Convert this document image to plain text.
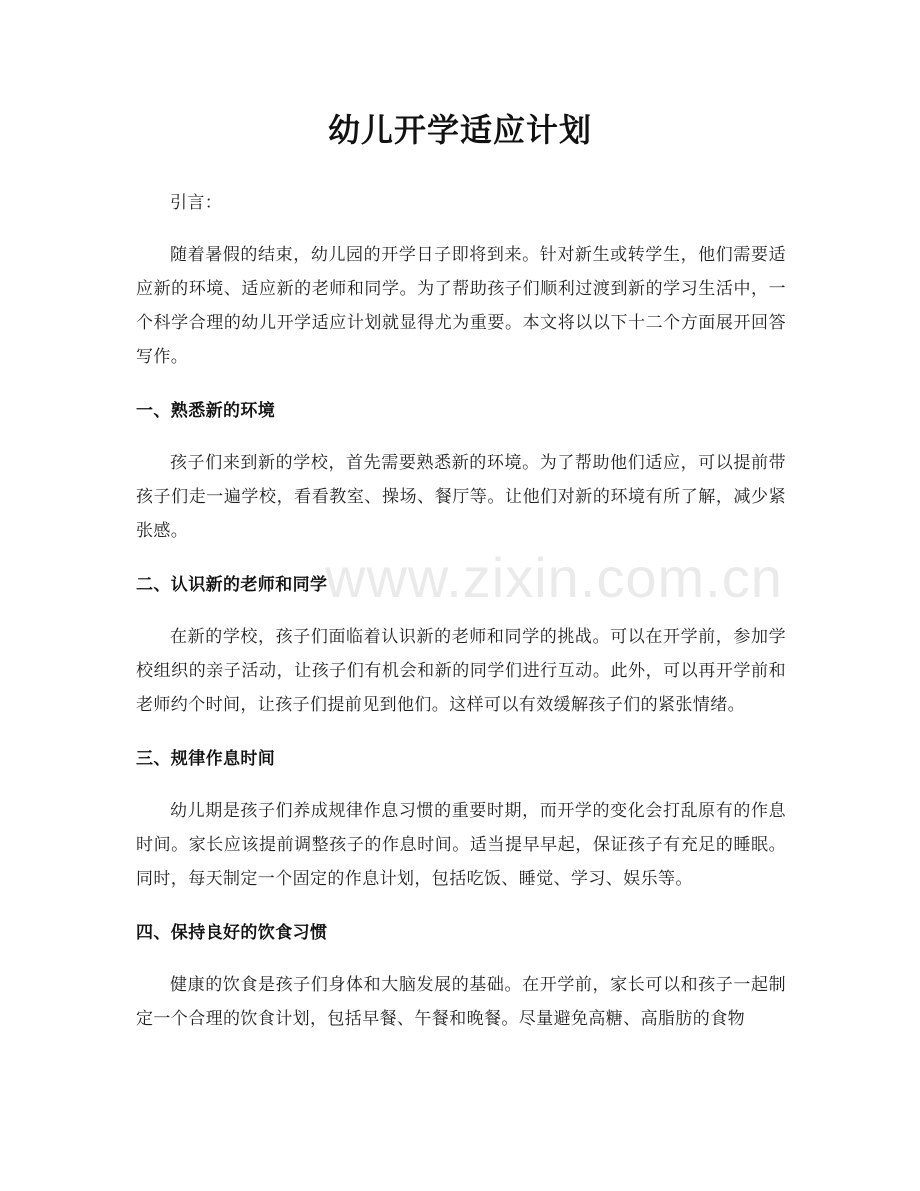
幼儿开学适应计划

引言：

随着暑假的结束，幼儿园的开学日子即将到来。针对新生或转学生，他们需要适应新的环境、适应新的老师和同学。为了帮助孩子们顺利过渡到新的学习生活中，一个科学合理的幼儿开学适应计划就显得尤为重要。本文将以以下十二个方面展开回答写作。

一、熟悉新的环境

孩子们来到新的学校，首先需要熟悉新的环境。为了帮助他们适应，可以提前带孩子们走一遍学校，看看教室、操场、餐厅等。让他们对新的环境有所了解，减少紧张感。

二、认识新的老师和同学

在新的学校，孩子们面临着认识新的老师和同学的挑战。可以在开学前，参加学校组织的亲子活动，让孩子们有机会和新的同学们进行互动。此外，可以再开学前和老师约个时间，让孩子们提前见到他们。这样可以有效缓解孩子们的紧张情绪。

三、规律作息时间

幼儿期是孩子们养成规律作息习惯的重要时期，而开学的变化会打乱原有的作息时间。家长应该提前调整孩子的作息时间。适当提早早起，保证孩子有充足的睡眠。同时，每天制定一个固定的作息计划，包括吃饭、睡觉、学习、娱乐等。

四、保持良好的饮食习惯

健康的饮食是孩子们身体和大脑发展的基础。在开学前，家长可以和孩子一起制定一个合理的饮食计划，包括早餐、午餐和晚餐。尽量避免高糖、高脂肪的食物

www.zixin.com.cn
